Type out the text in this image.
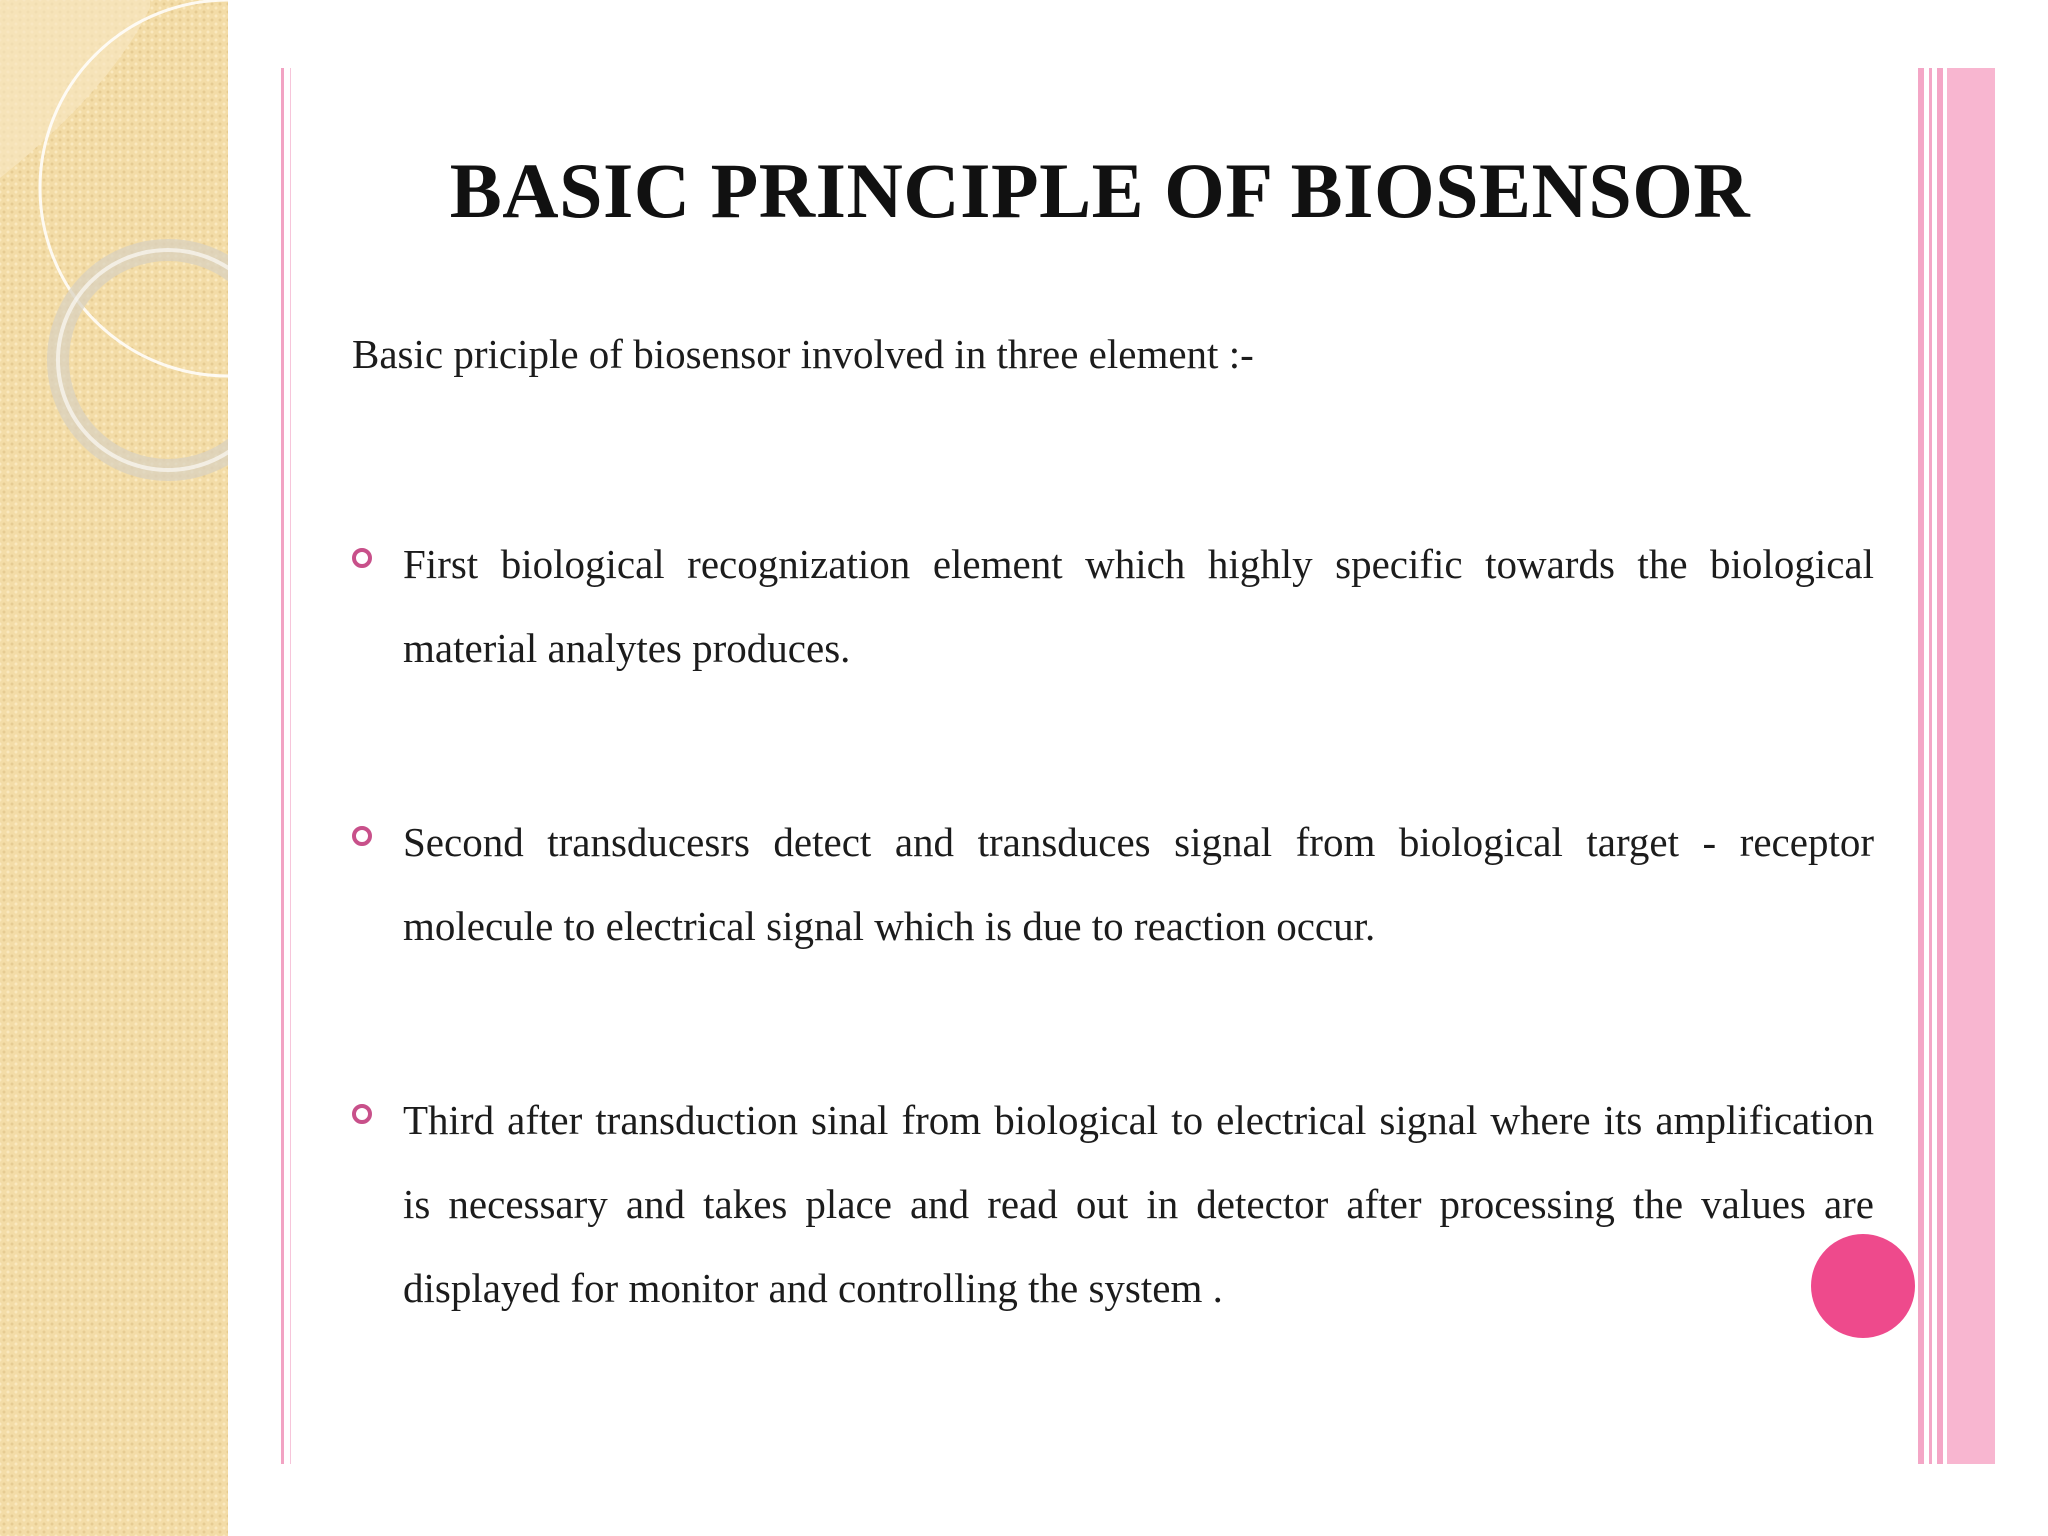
BASIC PRINCIPLE OF BIOSENSOR
Basic priciple of biosensor involved in three element :-
First biological recognization element which highly specific towards the biological material analytes produces.
Second transducesrs detect and transduces signal from biological target - receptor molecule to electrical signal which is due to reaction occur.
Third after transduction sinal from biological to electrical signal where its amplification is necessary and takes place and read out in detector after processing the values are displayed for monitor and controlling the system .
